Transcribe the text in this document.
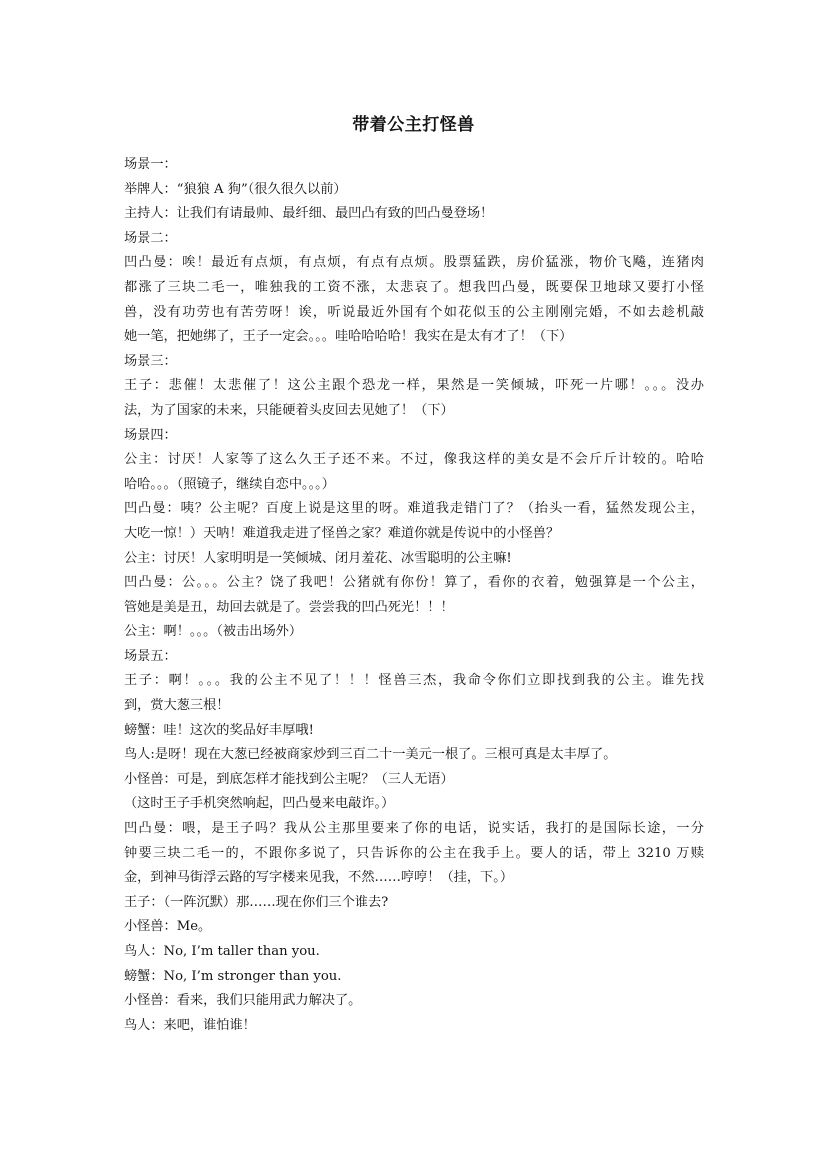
带着公主打怪兽
场景一：
举牌人：“狼狼 A 狗”（很久很久以前）
主持人：让我们有请最帅、最纤细、最凹凸有致的凹凸曼登场！
场景二：
凹凸曼：唉！最近有点烦，有点烦，有点有点烦。股票猛跌，房价猛涨，物价飞飚，连猪肉
都涨了三块二毛一，唯独我的工资不涨，太悲哀了。想我凹凸曼，既要保卫地球又要打小怪
兽，没有功劳也有苦劳呀！诶，听说最近外国有个如花似玉的公主刚刚完婚，不如去趁机敲
她一笔，把她绑了，王子一定会。。。哇哈哈哈哈！我实在是太有才了！（下）
场景三：
王子：悲催！太悲催了！这公主跟个恐龙一样，果然是一笑倾城，吓死一片哪！。。。没办
法，为了国家的未来，只能硬着头皮回去见她了！（下）
场景四：
公主：讨厌！人家等了这么久王子还不来。不过，像我这样的美女是不会斤斤计较的。哈哈
哈哈。。。（照镜子，继续自恋中。。。）
凹凸曼：咦？公主呢？百度上说是这里的呀。难道我走错门了？（抬头一看，猛然发现公主，
大吃一惊！）天呐！难道我走进了怪兽之家？难道你就是传说中的小怪兽？
公主：讨厌！人家明明是一笑倾城、闭月羞花、冰雪聪明的公主嘛!
凹凸曼：公。。。公主？饶了我吧！公猪就有你份！算了，看你的衣着，勉强算是一个公主，
管她是美是丑，劫回去就是了。尝尝我的凹凸死光！！！
公主：啊！。。。（被击出场外）
场景五：
王子：啊！。。。我的公主不见了！！！怪兽三杰，我命令你们立即找到我的公主。谁先找
到，赏大葱三根！
螃蟹：哇！这次的奖品好丰厚哦!
鸟人:是呀！现在大葱已经被商家炒到三百二十一美元一根了。三根可真是太丰厚了。
小怪兽：可是，到底怎样才能找到公主呢？（三人无语）
（这时王子手机突然响起，凹凸曼来电敲诈。）
凹凸曼：喂，是王子吗？我从公主那里要来了你的电话，说实话，我打的是国际长途，一分
钟要三块二毛一的，不跟你多说了，只告诉你的公主在我手上。要人的话，带上 3210 万赎
金，到神马街浮云路的写字楼来见我，不然……哼哼！（挂，下。）
王子：（一阵沉默）那……现在你们三个谁去?
小怪兽：Me。
鸟人：No, I’m taller than you.
螃蟹：No, I’m stronger than you.
小怪兽：看来，我们只能用武力解决了。
鸟人：来吧，谁怕谁！
